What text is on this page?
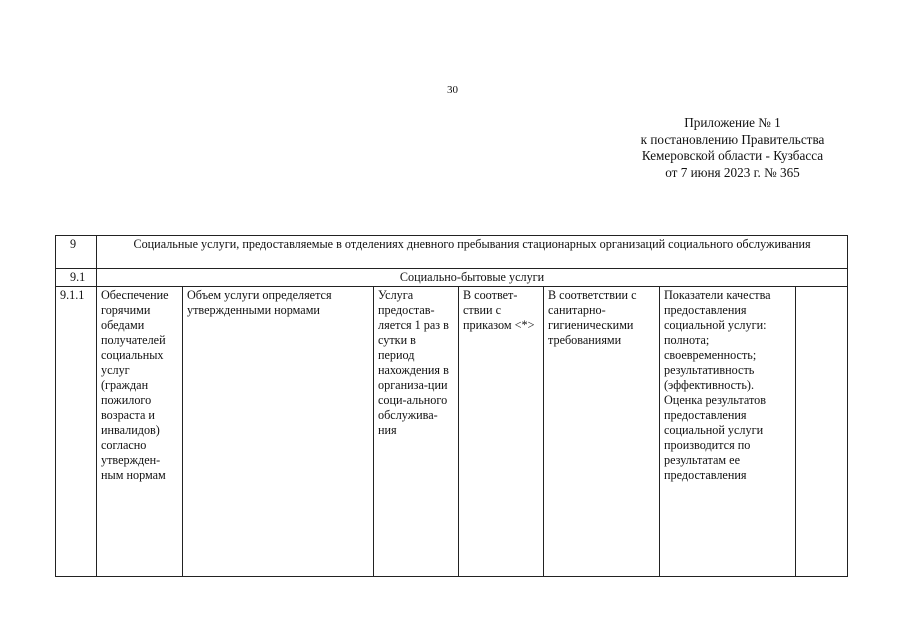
30
Приложение № 1
к постановлению Правительства
Кемеровской области - Кузбасса
от 7 июня 2023 г. № 365
9	Социальные услуги, предоставляемые в отделениях дневного пребывания стационарных организаций социального обслуживания						
9.1	Социально-бытовые услуги						
9.1.1	Обеспечение горячими обедами получателей социальных услуг (граждан пожилого возраста и инвалидов) согласно утвержден-ным нормам	Объем услуги определяется утвержденными нормами	Услуга предостав-ляется 1 раз в сутки в период нахождения в организа-ции соци-ального обслужива-ния	В соответ-ствии с приказом <*>	В соответствии с санитарно-гигиеническими требованиями	Показатели качества предоставления социальной услуги: полнота; своевременность; результативность (эффективность). Оценка результатов предоставления социальной услуги производится по результатам ее предоставления	
